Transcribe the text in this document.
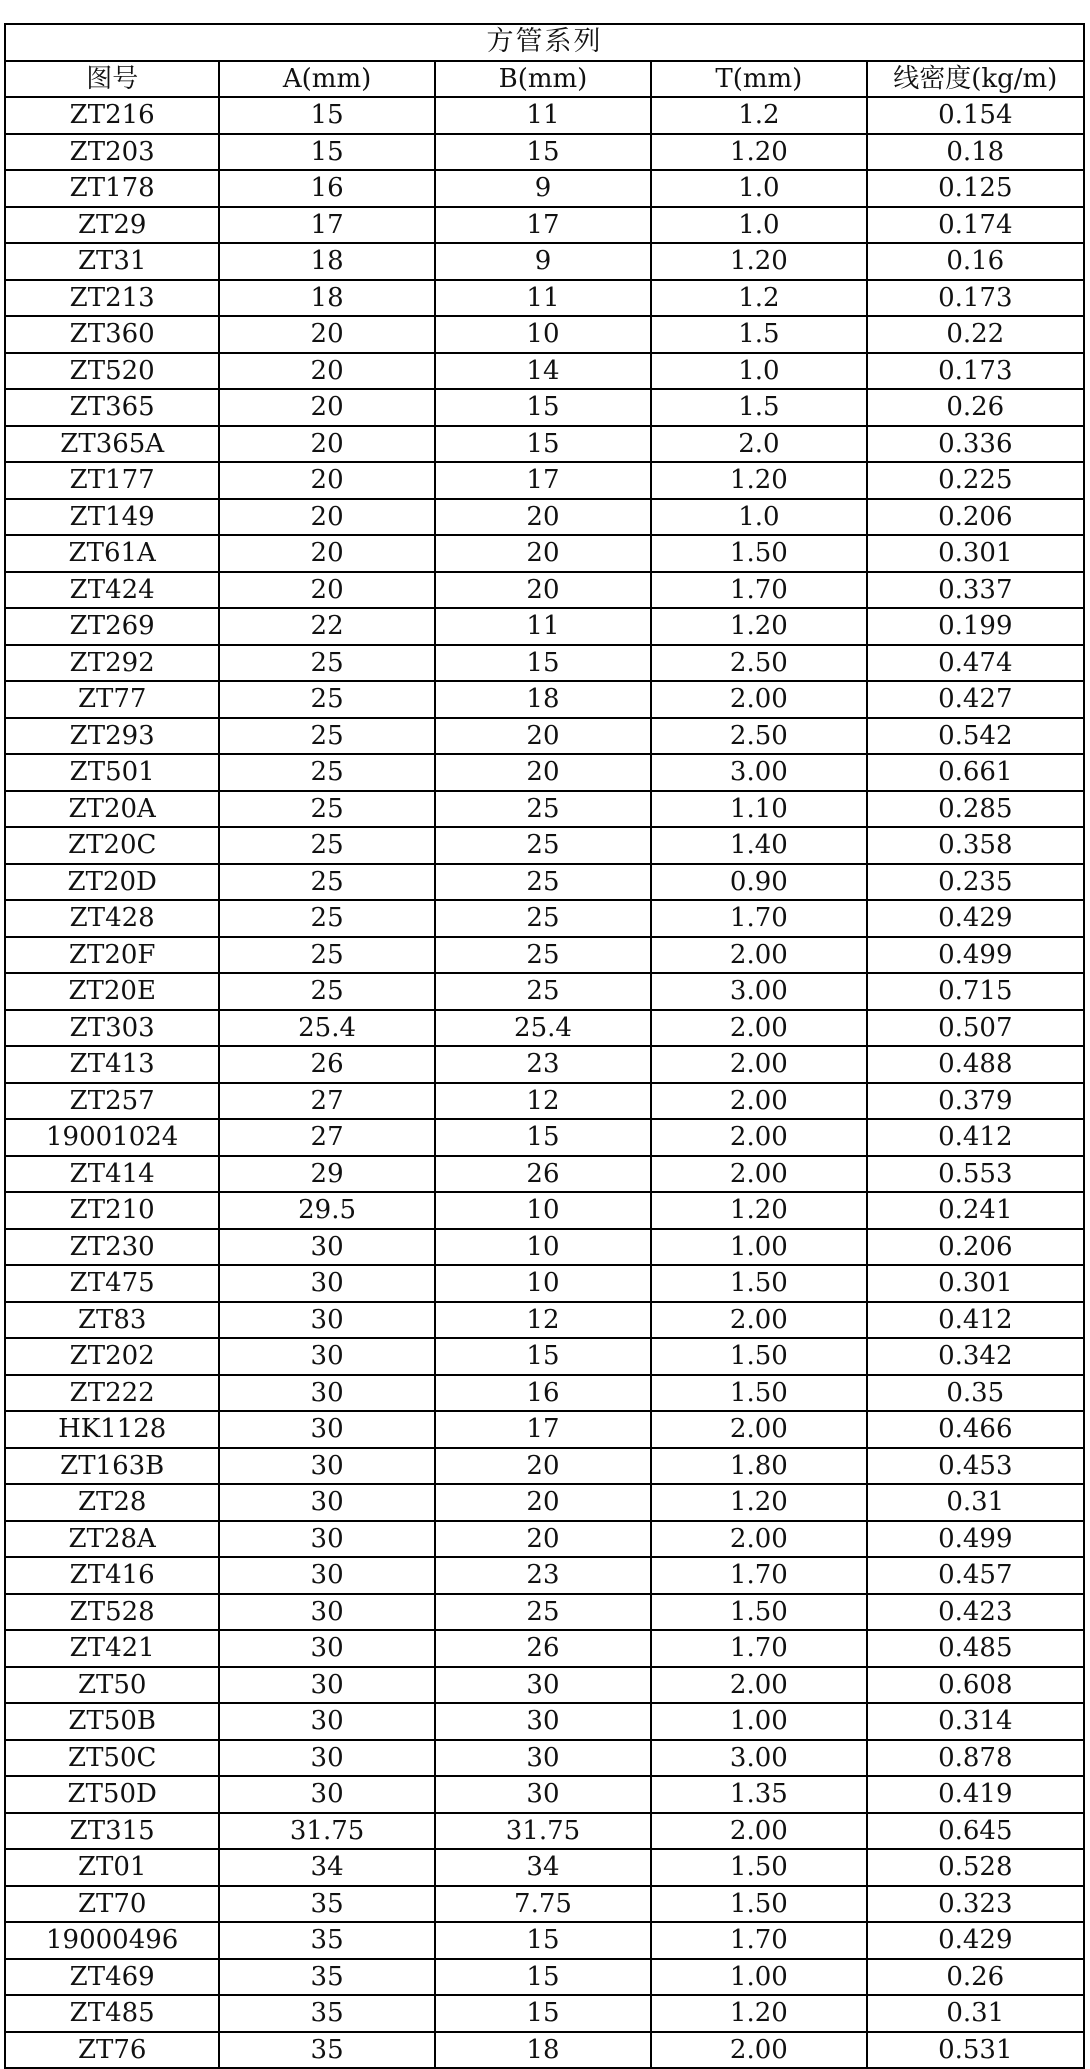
方管系列				
图号	A(mm)	B(mm)	T(mm)	线密度(kg/m)
ZT216	15	11	1.2	0.154
ZT203	15	15	1.20	0.18
ZT178	16	9	1.0	0.125
ZT29	17	17	1.0	0.174
ZT31	18	9	1.20	0.16
ZT213	18	11	1.2	0.173
ZT360	20	10	1.5	0.22
ZT520	20	14	1.0	0.173
ZT365	20	15	1.5	0.26
ZT365A	20	15	2.0	0.336
ZT177	20	17	1.20	0.225
ZT149	20	20	1.0	0.206
ZT61A	20	20	1.50	0.301
ZT424	20	20	1.70	0.337
ZT269	22	11	1.20	0.199
ZT292	25	15	2.50	0.474
ZT77	25	18	2.00	0.427
ZT293	25	20	2.50	0.542
ZT501	25	20	3.00	0.661
ZT20A	25	25	1.10	0.285
ZT20C	25	25	1.40	0.358
ZT20D	25	25	0.90	0.235
ZT428	25	25	1.70	0.429
ZT20F	25	25	2.00	0.499
ZT20E	25	25	3.00	0.715
ZT303	25.4	25.4	2.00	0.507
ZT413	26	23	2.00	0.488
ZT257	27	12	2.00	0.379
19001024	27	15	2.00	0.412
ZT414	29	26	2.00	0.553
ZT210	29.5	10	1.20	0.241
ZT230	30	10	1.00	0.206
ZT475	30	10	1.50	0.301
ZT83	30	12	2.00	0.412
ZT202	30	15	1.50	0.342
ZT222	30	16	1.50	0.35
HK1128	30	17	2.00	0.466
ZT163B	30	20	1.80	0.453
ZT28	30	20	1.20	0.31
ZT28A	30	20	2.00	0.499
ZT416	30	23	1.70	0.457
ZT528	30	25	1.50	0.423
ZT421	30	26	1.70	0.485
ZT50	30	30	2.00	0.608
ZT50B	30	30	1.00	0.314
ZT50C	30	30	3.00	0.878
ZT50D	30	30	1.35	0.419
ZT315	31.75	31.75	2.00	0.645
ZT01	34	34	1.50	0.528
ZT70	35	7.75	1.50	0.323
19000496	35	15	1.70	0.429
ZT469	35	15	1.00	0.26
ZT485	35	15	1.20	0.31
ZT76	35	18	2.00	0.531
